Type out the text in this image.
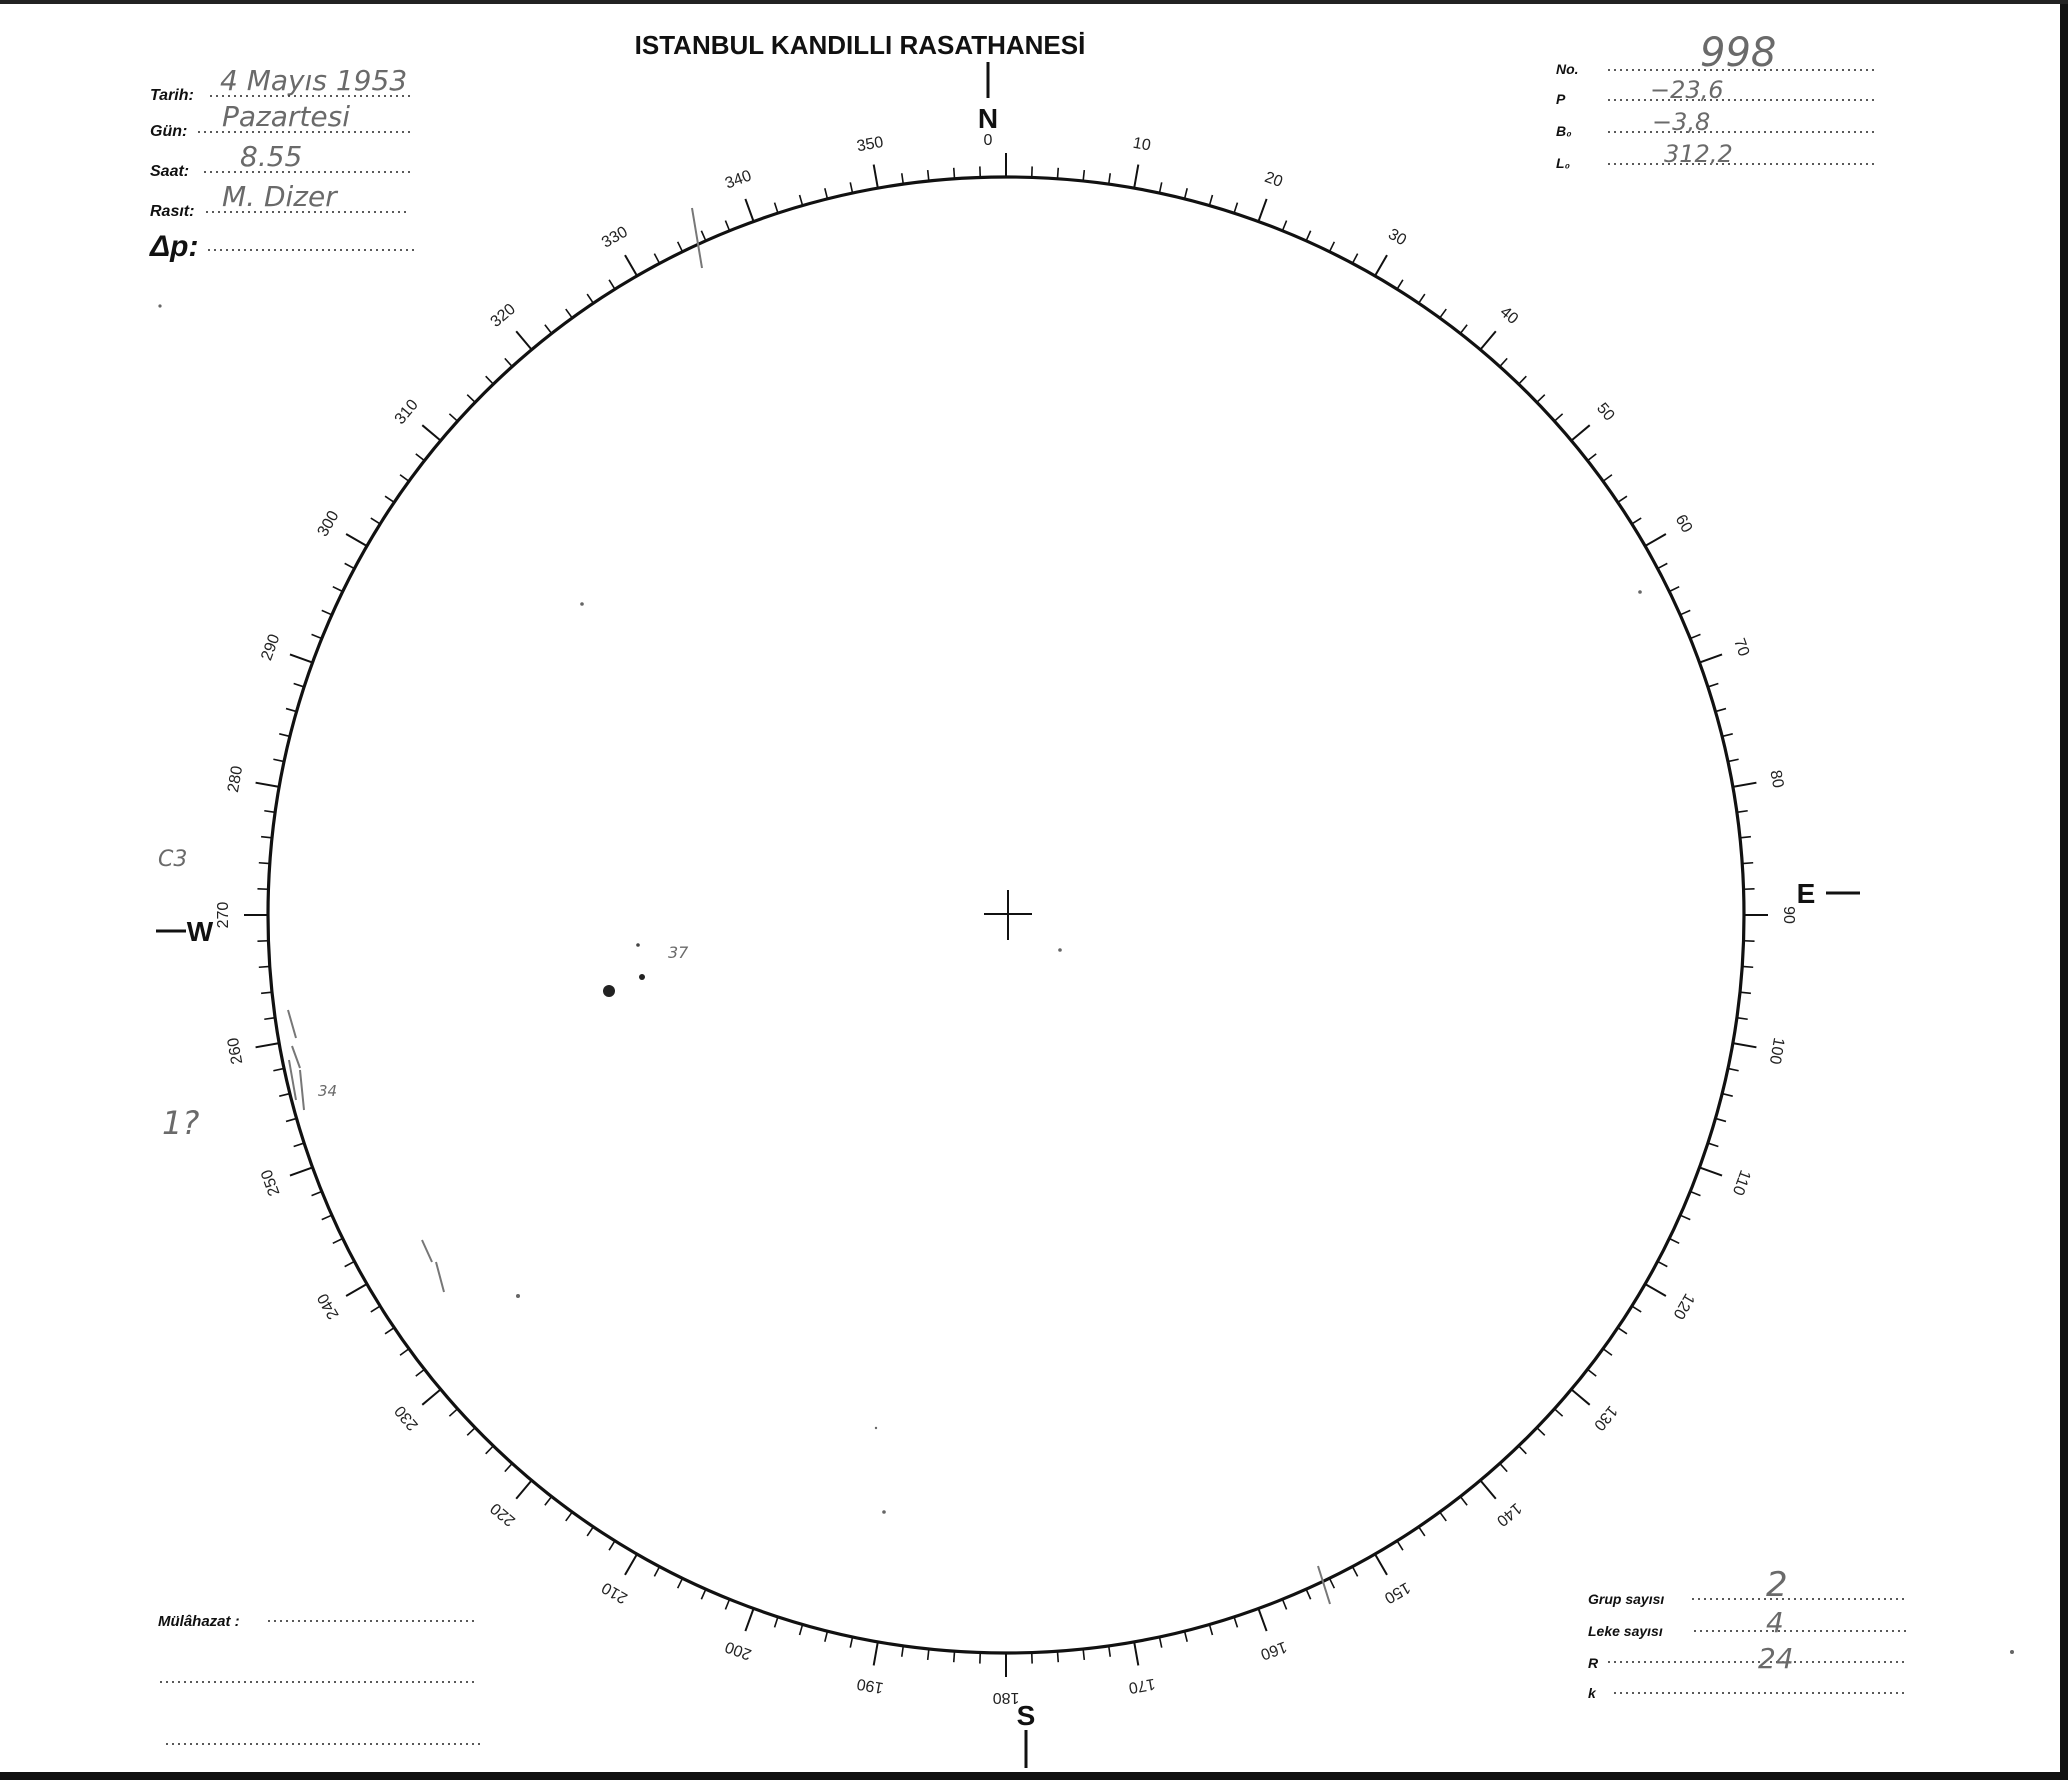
ISTANBUL KANDILLI RASATHANESİ
Tarih: 4 Mayıs 1953
Gün: Pazartesi
Saat: 8.55
Rasıt: M. Dizer
Δp:
No.	998
P	−23,6
B₀	−3,8
L₀	312,2
10
20
30
40
50
60
70
80
90
100
110
120
130
140
150
160
170
180
190
200
210
220
230
240
250
260
270
280
290
300
310
320
330
340
350
N
0
S
E
W
37
34
C3
1?
Mülâhazat :
Grup sayısı	2
Leke sayısı	4
R	24
k
